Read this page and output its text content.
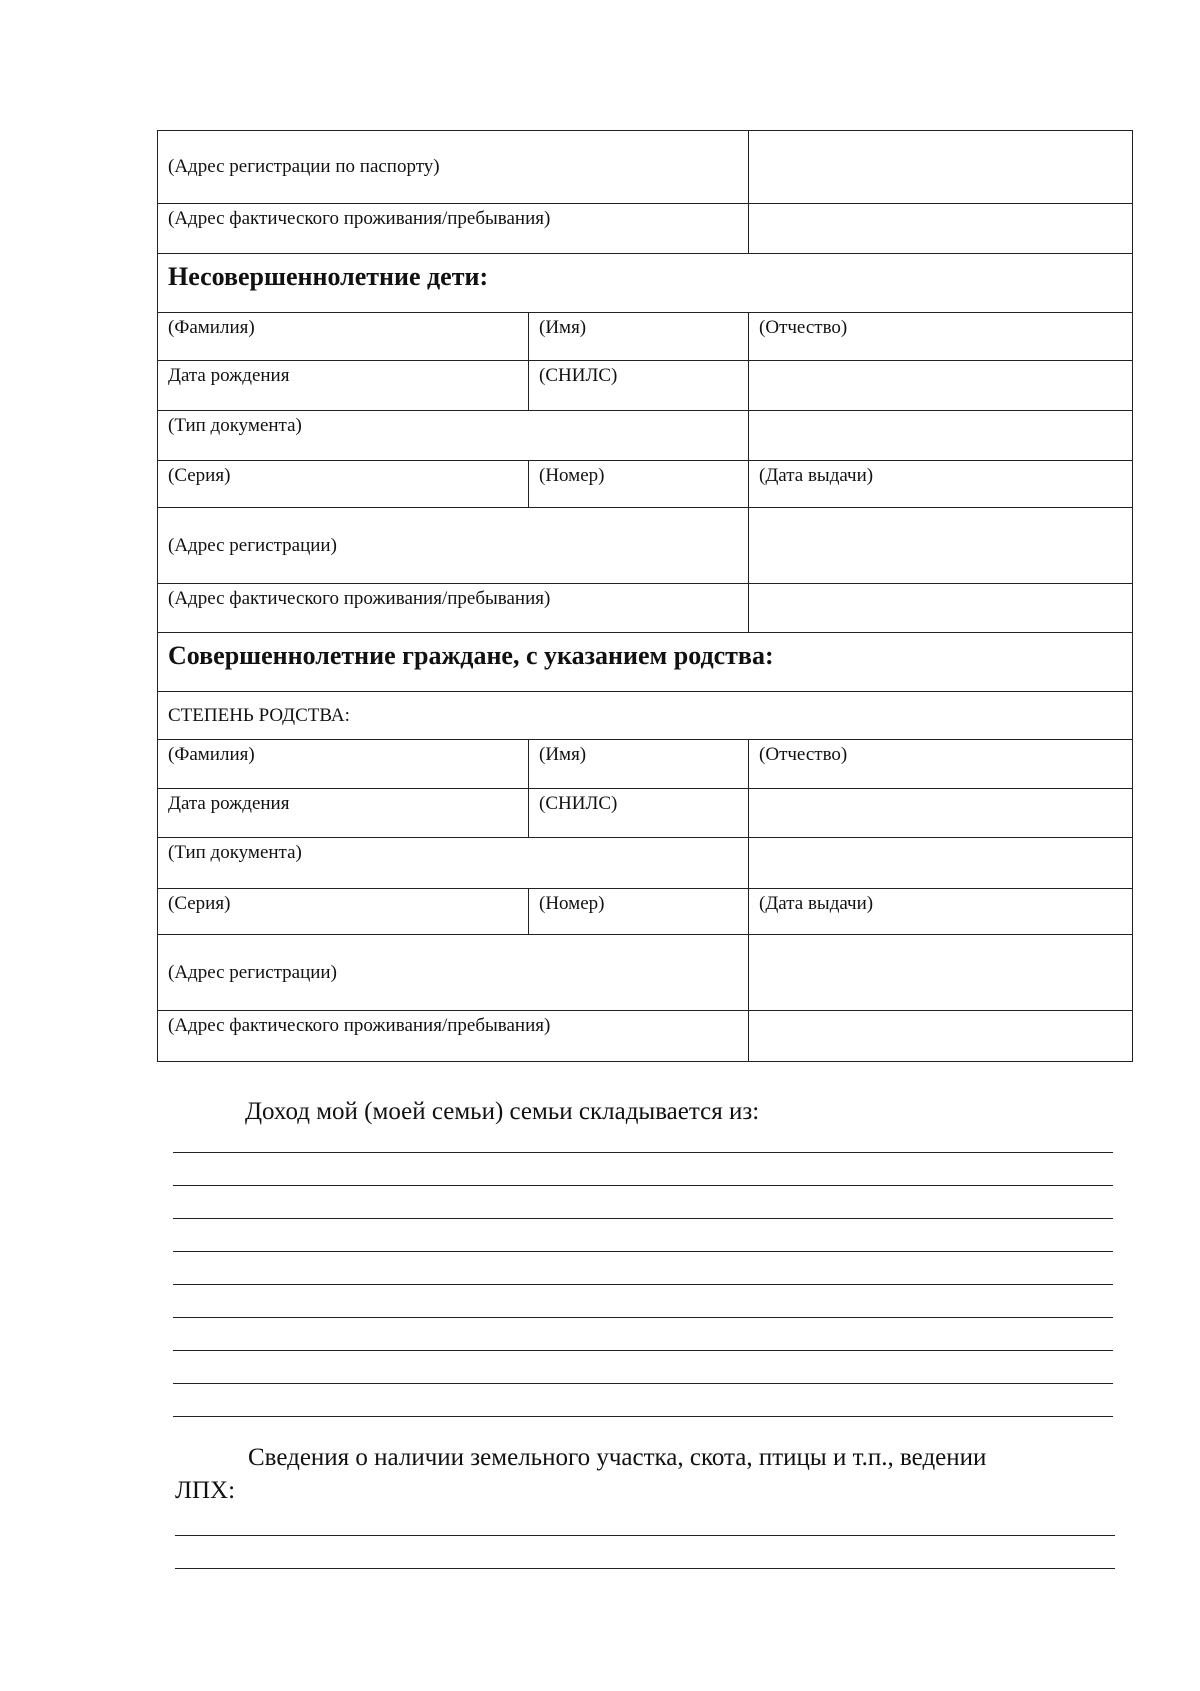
(Адрес регистрации по паспорту)		
(Адрес фактического проживания/пребывания)		
Несовершеннолетние дети:		
(Фамилия)	(Имя)	(Отчество)
Дата рождения	(СНИЛС)	
(Тип документа)		
(Серия)	(Номер)	(Дата выдачи)
(Адрес регистрации)		
(Адрес фактического проживания/пребывания)		
Совершеннолетние граждане, с указанием родства:		
СТЕПЕНЬ РОДСТВА:		
(Фамилия)	(Имя)	(Отчество)
Дата рождения	(СНИЛС)	
(Тип документа)		
(Серия)	(Номер)	(Дата выдачи)
(Адрес регистрации)		
(Адрес фактического проживания/пребывания)		
Доход мой (моей семьи) семьи складывается из:
Сведения о наличии земельного участка, скота, птицы и т.п., ведении
ЛПХ:
